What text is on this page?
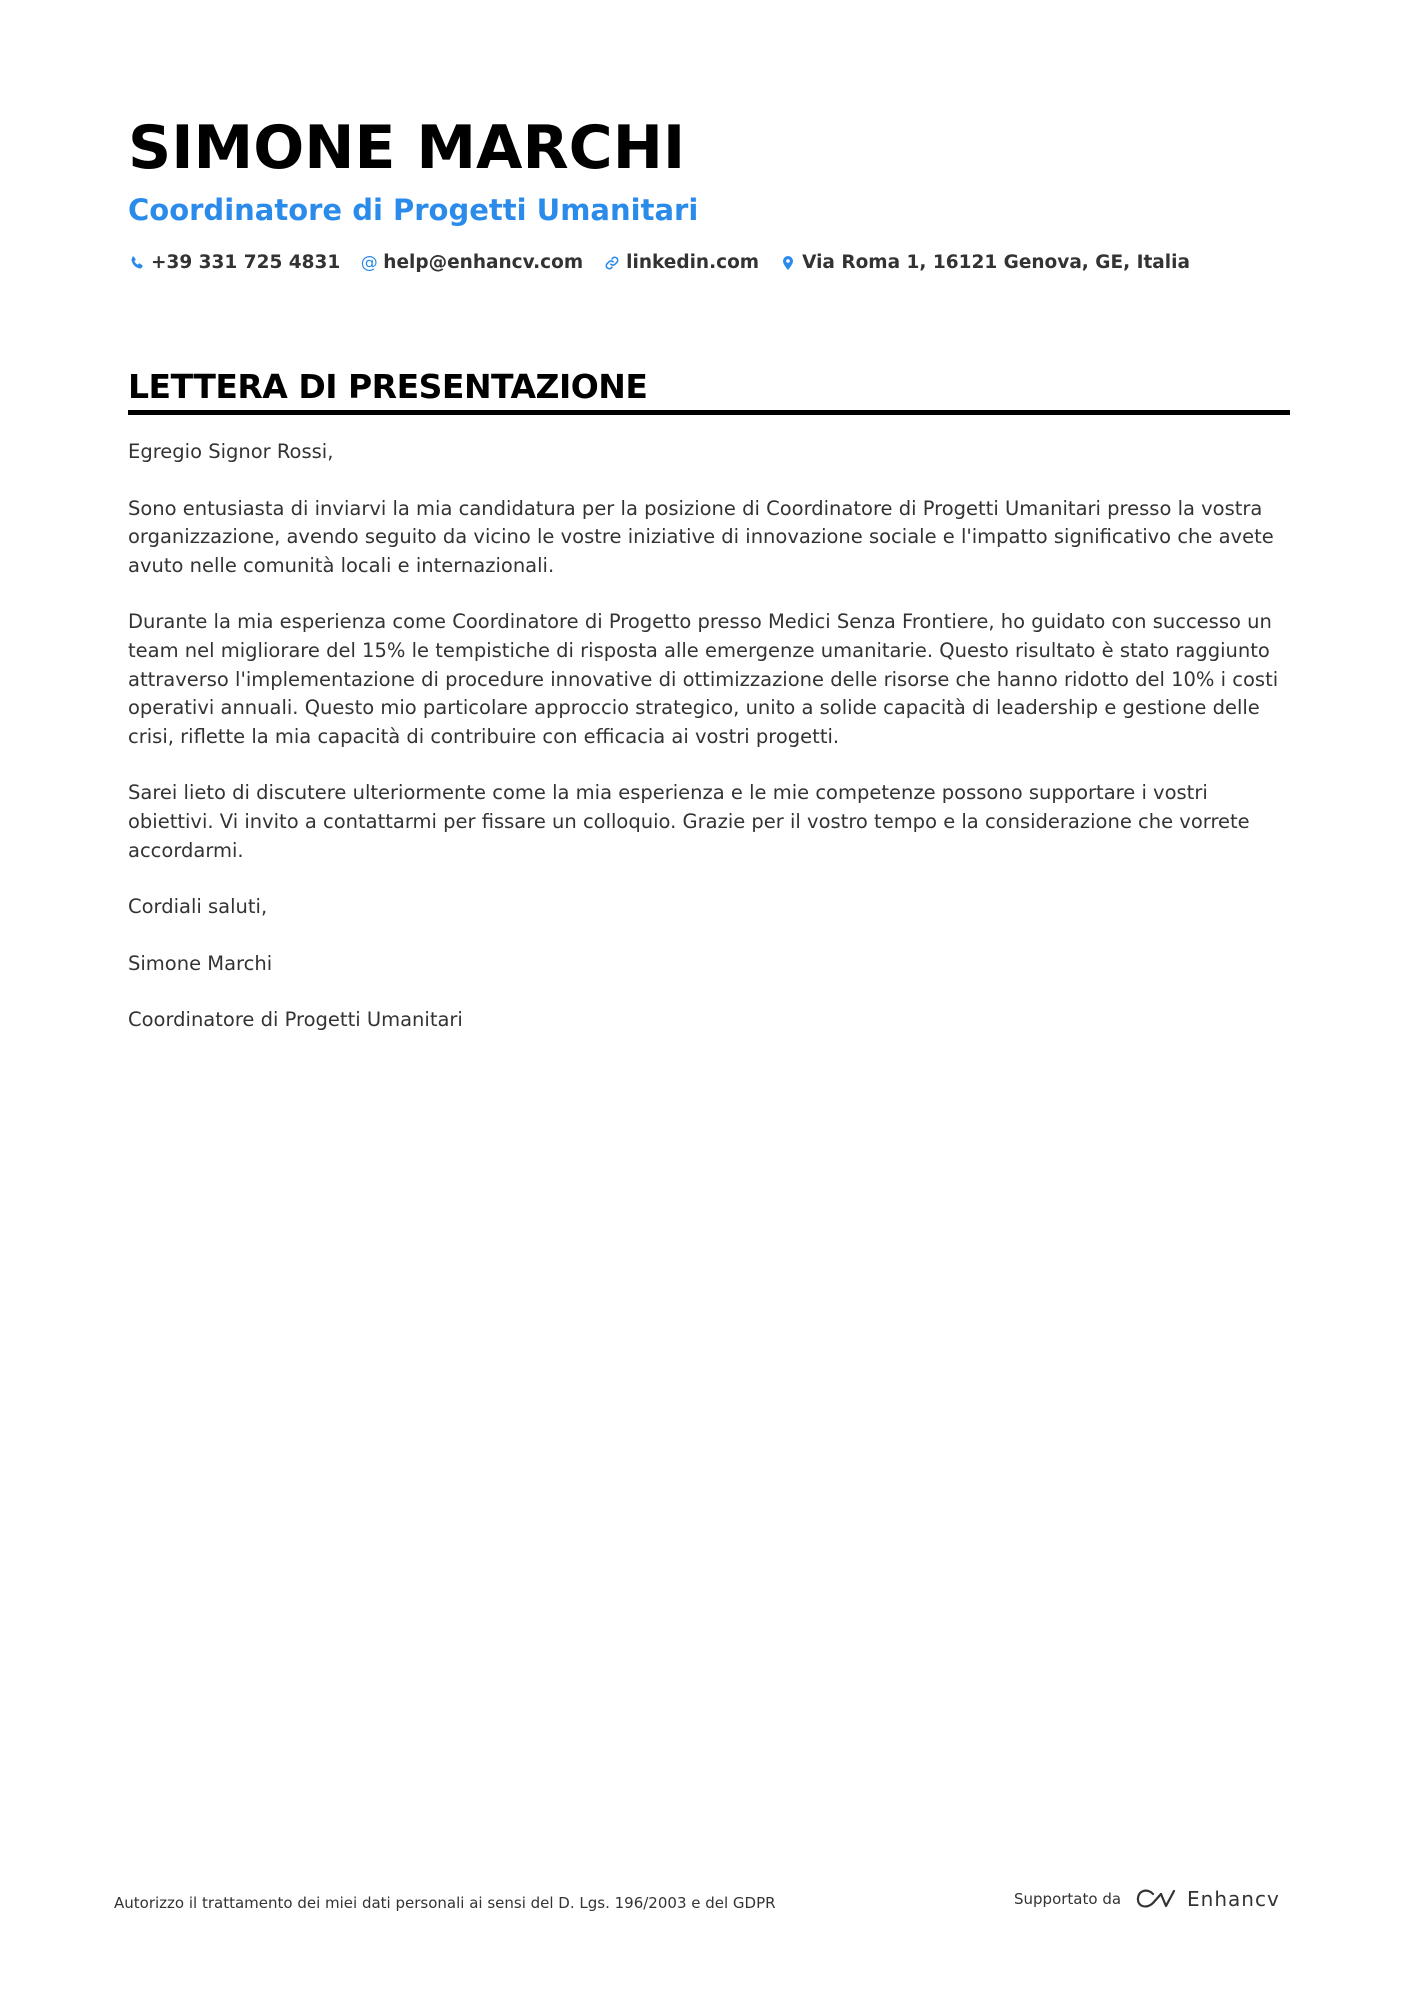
SIMONE MARCHI
Coordinatore di Progetti Umanitari
+39 331 725 4831 @ help@enhancv.com linkedin.com Via Roma 1, 16121 Genova, GE, Italia
LETTERA DI PRESENTAZIONE

Egregio Signor Rossi,

Sono entusiasta di inviarvi la mia candidatura per la posizione di Coordinatore di Progetti Umanitari presso la vostra organizzazione, avendo seguito da vicino le vostre iniziative di innovazione sociale e l'impatto significativo che avete avuto nelle comunità locali e internazionali.

Durante la mia esperienza come Coordinatore di Progetto presso Medici Senza Frontiere, ho guidato con successo un team nel migliorare del 15% le tempistiche di risposta alle emergenze umanitarie. Questo risultato è stato raggiunto attraverso l'implementazione di procedure innovative di ottimizzazione delle risorse che hanno ridotto del 10% i costi operativi annuali. Questo mio particolare approccio strategico, unito a solide capacità di leadership e gestione delle crisi, riflette la mia capacità di contribuire con efficacia ai vostri progetti.

Sarei lieto di discutere ulteriormente come la mia esperienza e le mie competenze possono supportare i vostri obiettivi. Vi invito a contattarmi per fissare un colloquio. Grazie per il vostro tempo e la considerazione che vorrete accordarmi.

Cordiali saluti,

Simone Marchi

Coordinatore di Progetti Umanitari

Autorizzo il trattamento dei miei dati personali ai sensi del D. Lgs. 196/2003 e del GDPR	Supportato da	Enhancv
